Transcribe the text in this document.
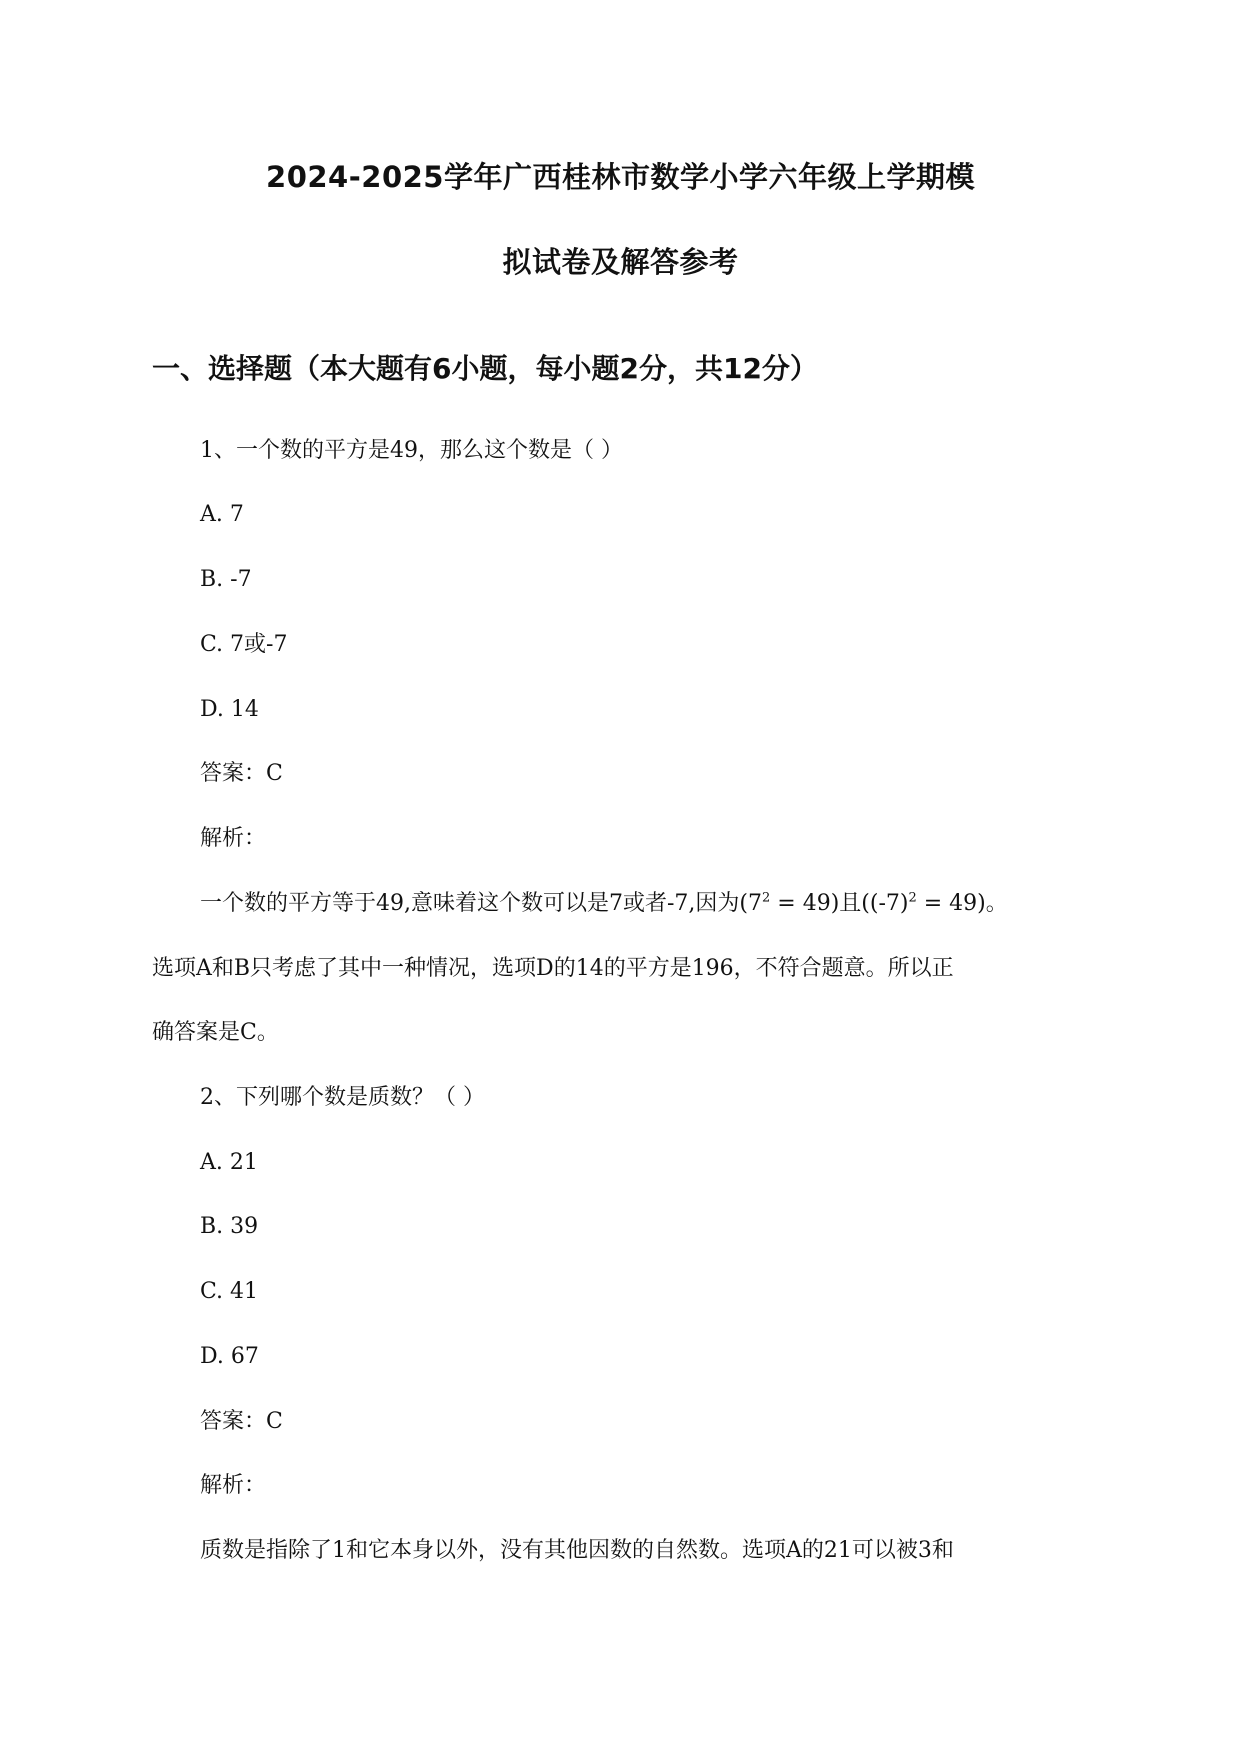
2024-2025学年广西桂林市数学小学六年级上学期模
拟试卷及解答参考
一、选择题（本大题有6小题，每小题2分，共12分）
1、一个数的平方是49，那么这个数是（ ）
A. 7
B. -7
C. 7或-7
D. 14
答案：C
解析：
一个数的平方等于49,意味着这个数可以是7或者-7,因为$(7^2 = 49)$且$((-7)^2 = 49)$。
选项A和B只考虑了其中一种情况，选项D的14的平方是196，不符合题意。所以正
确答案是C。
2、下列哪个数是质数？（ ）
A. 21
B. 39
C. 41
D. 67
答案：C
解析：
质数是指除了1和它本身以外，没有其他因数的自然数。选项A的21可以被3和
